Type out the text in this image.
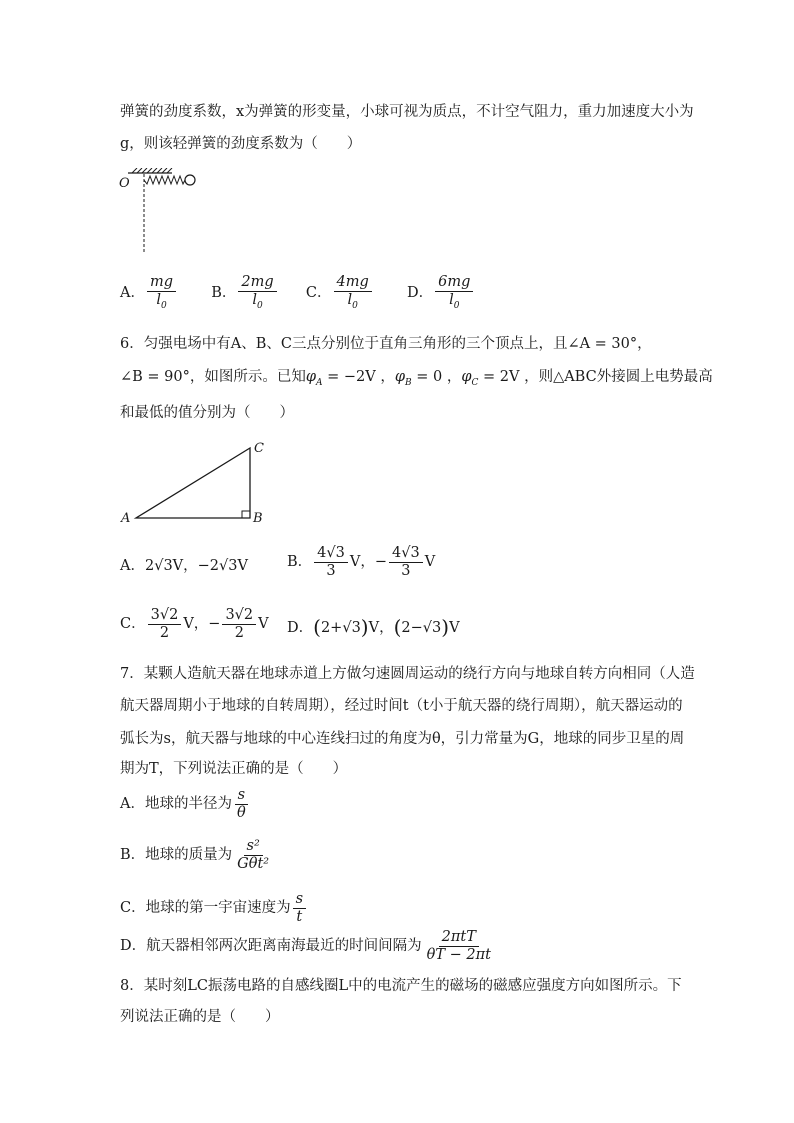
弹簧的劲度系数，x为弹簧的形变量，小球可视为质点，不计空气阻力，重力加速度大小为
g，则该轻弹簧的劲度系数为（　　）
O
A． $\frac{mg}{l_0}$ B． $\frac{2mg}{l_0}$ C． $\frac{4mg}{l_0}$ D． $\frac{6mg}{l_0}$
6．匀强电场中有A、B、C三点分别位于直角三角形的三个顶点上，且∠A = 30°，
∠B = 90°，如图所示。已知$\varphi_A = -2V$ ，$\varphi_B = 0$ ，$\varphi_C = 2V$ ，则△ABC外接圆上电势最高
和最低的值分别为（　　）
A	B
C
A．2√3V，−2√3V	B． $\frac{4√3}{3}$ V，− $\frac{4√3}{3}$ V
C． $\frac{3√2}{2}$ V，− $\frac{3√2}{2}$ V D．(2+√3)V，(2−√3)V
7．某颗人造航天器在地球赤道上方做匀速圆周运动的绕行方向与地球自转方向相同（人造
航天器周期小于地球的自转周期），经过时间t（t小于航天器的绕行周期），航天器运动的
弧长为s，航天器与地球的中心连线扫过的角度为θ，引力常量为G，地球的同步卫星的周
期为T，下列说法正确的是（　　）
A．地球的半径为 $\frac{s}{\theta}$
B．地球的质量为 $\frac{\text{s²}}{\text{Gθt²}}$
C．地球的第一宇宙速度为 $\frac{s}{t}$
D．航天器相邻两次距离南海最近的时间间隔为 $\frac{\text{2πtT}}{\theta T - 2\pi t}$
8．某时刻LC振荡电路的自感线圈L中的电流产生的磁场的磁感应强度方向如图所示。下
列说法正确的是（　　）
